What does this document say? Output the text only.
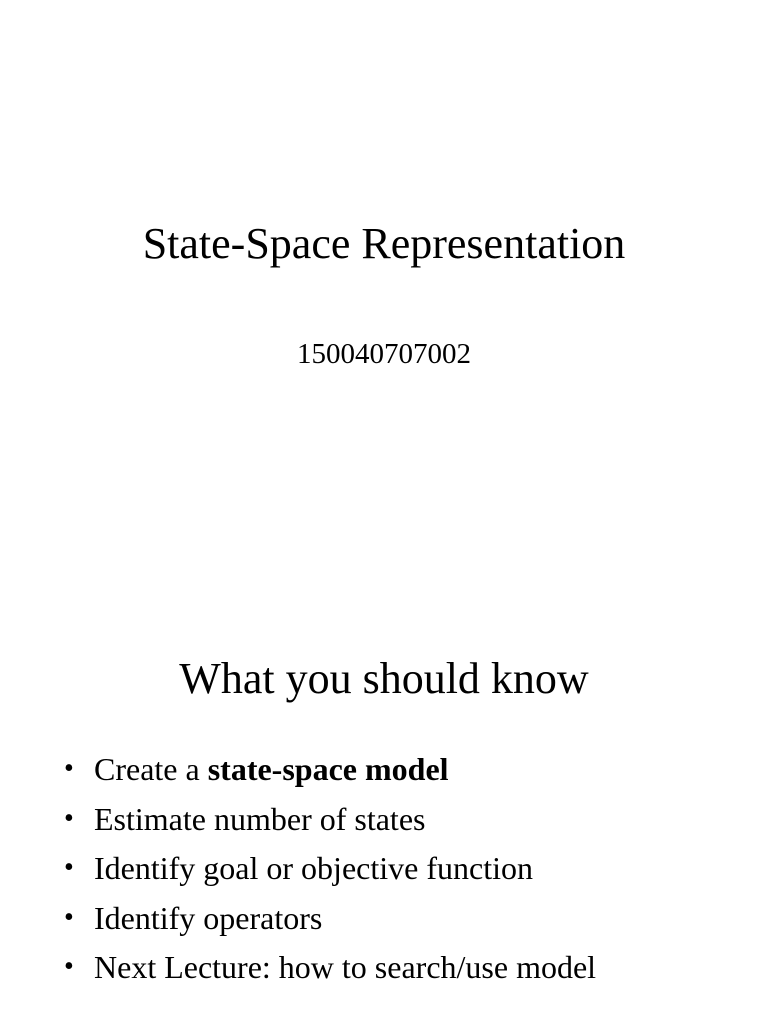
State-Space Representation
150040707002
What you should know
• Create a state-space model
• Estimate number of states
• Identify goal or objective function
• Identify operators
• Next Lecture: how to search/use model
